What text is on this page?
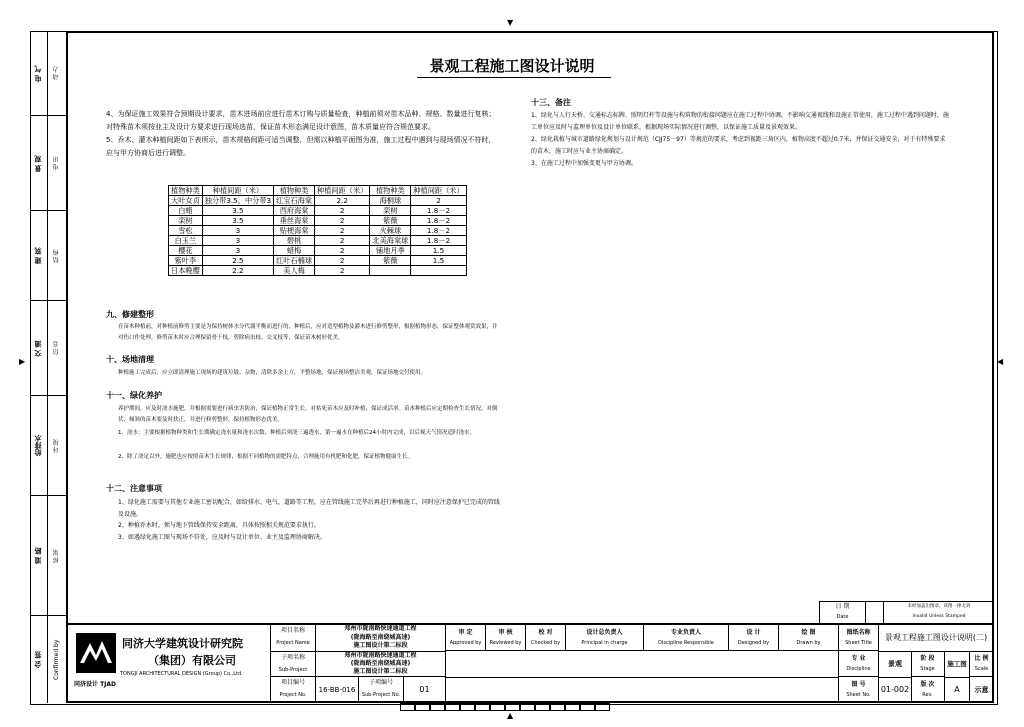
▼
▲
▶	◀
电 气	动 力
景 观	电 讯
建 筑	结 构
交 通	信 息
给排水	环 境
道 路	桥 梁
会 签	Confirmed by
景观工程施工图设计说明

4、为保证施工效果符合预期设计要求，苗木进场前应进行苗木订购与质量检查，种植前须对苗木品种、规格、数量进行复核；对特殊苗木须按业主及设计方要求进行现场选苗，保证苗木形态满足设计意图，苗木质量应符合规范要求。

5、乔木、灌木种植间距如下表所示，苗木规格间距可适当调整，但需以种植平面图为准，施工过程中遇到与现场情况不符时，应与甲方协商后进行调整。

植物种类	种植间距（米）	植物种类	种植间距（米）	植物种类	种植间距（米）
大叶女贞	独分带3.5，中分带3	红宝石海棠	2.2	海桐球	2
白蜡	3.5	西府海棠	2	栾树	1.8－2
栾树	3.5	垂丝海棠	2	紫薇	1.8－2
雪松	3	贴梗海棠	2	火棘球	1.8－2
白玉兰	3	碧桃	2	北美海棠球	1.8－2
樱花	3	蜡梅	2	铺地月季	1.5
紫叶李	2.5	红叶石楠球	2	紫薇	1.5
日本晚樱	2.2	美人梅	2		
九、修建整形
在苗木种植前，对种植前修剪主要是为保持树体水分代谢平衡而进行的，种植后，应对造型植物及灌木进行修剪整形，根据植物形态，保证整体观赏效果，并对伤口作处理。修剪苗木时应合理保留骨干枝，剪除病虫枝、交叉枝等，保证苗木树形优美。
十、场地清理
种植施工完成后，应立即清理施工现场的建筑垃圾、杂物，清除多余土方，平整场地，保证现场整洁美观，保证场地交付使用。
十一、绿化养护
养护期间，应及时浇水施肥，并根据需要进行病虫害防治，保证植物正常生长，对枯死苗木应及时补植，保证成活率。苗木种植后应定期检查生长情况，对倒伏、倾斜的苗木要及时扶正，并进行修剪整形，保持植物形态优美。
1、浇水：主要根据植物种类和生长期确定浇水量和浇水次数，种植后须浇三遍透水，第一遍水在种植后24小时内完成，以后视天气情况适时浇水。
2、除了浇足以外，施肥也应按照苗木生长规律，根据不同植物的需肥特点，合理施用有机肥和化肥，保证植物健康生长。
十二、注意事项

1、绿化施工需要与其他专业施工密切配合，如给排水、电气、道路等工程，应在管线施工完毕后再进行种植施工，同时应注意保护已完成的管线及设施。

2、种植乔木时，须与地下管线保持安全距离，具体按照相关规范要求执行。

3、如遇绿化施工图与现场不符处，应及时与设计单位、业主及监理协商解决。

十三、备注

1、绿化与人行天桥、交通标志标牌、照明灯杆等设施与构筑物的衔接问题应在施工过程中协调，不影响交通视线和设施正常使用，施工过程中遇到问题时，施工单位应及时与监理单位及设计单位联系，根据现场实际情况进行调整，以保证施工质量及景观效果。

2、绿化栽植与城市道路绿化规划与设计规范（CJJ75－97）等规范的要求，考虑到视距三角区内，植物高度不超过0.7米，并保证交通安全，对于有特殊要求的苗木，施工时应与业主协商确定。

3、在施工过程中加强变更与甲方协调。

日 期
Date
未经加盖出图章，该图一律无效
Invalid Unless Stamped
同济设计 TJAD
同济大学建筑设计研究院
（集团）有限公司
TONGJI ARCHITECTURAL DESIGN (Group) Co.,Ltd.
项目名称
Project Name
郑州市陇南路快速通道工程
(陇海路至南绕城高速)
施工图设计第二标段
子项名称
Sub-Project
郑州市陇南路快速通道工程
(陇海路至南绕城高速)
施工图设计第二标段
项目编号
Project No.
16-BB-016
子项编号
Sub-Project No.
01
审 定
Approved by
审 核
Reviewed by
校 对
Checked by
设计总负责人
Principal in charge
专业负责人
Discipline Responsible
设 计
Designed by
绘 图
Drawn by
图纸名称
Sheet Title
景观工程施工图设计说明(二)
专 业
Discipline
景观
阶 段
Stage
施工图
比 例
Scale
图 号
Sheet No.
01-002
版 次
Rev.
A	示意
